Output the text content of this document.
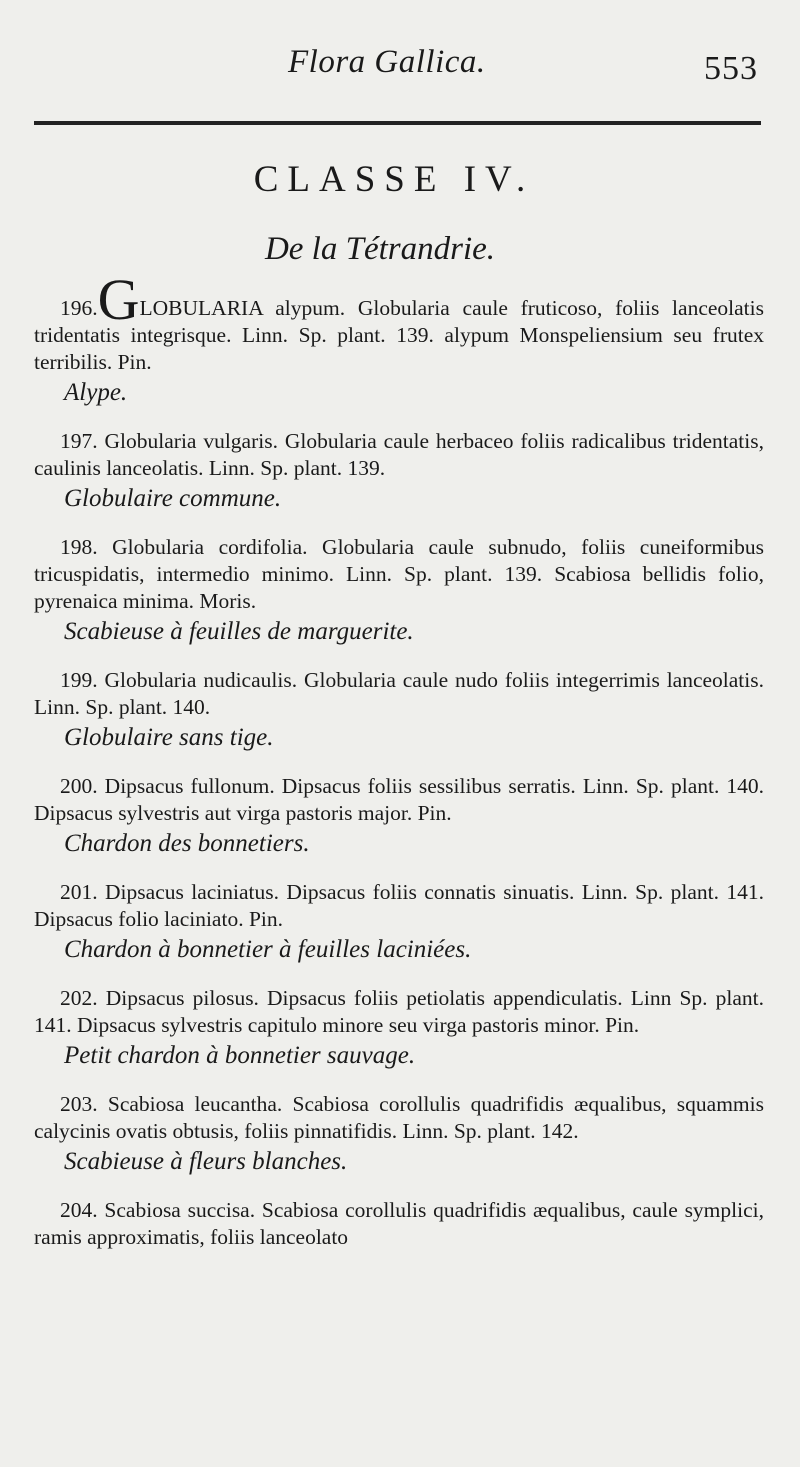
Flora Gallica.	553
CLASSE IV.
De la Tétrandrie.

196.GLOBULARIA alypum. Globularia caule fruticoso, foliis lanceolatis tridentatis integrisque. Linn. Sp. plant. 139. alypum Monspeliensium seu frutex terribilis. Pin.
Alype.

197. Globularia vulgaris. Globularia caule herbaceo foliis radicalibus tridentatis, caulinis lanceolatis. Linn. Sp. plant. 139.
Globulaire commune.

198. Globularia cordifolia. Globularia caule subnudo, foliis cuneiformibus tricuspidatis, intermedio minimo. Linn. Sp. plant. 139. Scabiosa bellidis folio, pyrenaica minima. Moris.
Scabieuse à feuilles de marguerite.

199. Globularia nudicaulis. Globularia caule nudo foliis integerrimis lanceolatis. Linn. Sp. plant. 140.
Globulaire sans tige.

200. Dipsacus fullonum. Dipsacus foliis sessilibus serratis. Linn. Sp. plant. 140. Dipsacus sylvestris aut virga pastoris major. Pin.
Chardon des bonnetiers.

201. Dipsacus laciniatus. Dipsacus foliis connatis sinuatis. Linn. Sp. plant. 141. Dipsacus folio laciniato. Pin.
Chardon à bonnetier à feuilles laciniées.

202. Dipsacus pilosus. Dipsacus foliis petiolatis appendiculatis. Linn Sp. plant. 141. Dipsacus sylvestris capitulo minore seu virga pastoris minor. Pin.
Petit chardon à bonnetier sauvage.

203. Scabiosa leucantha. Scabiosa corollulis quadrifidis æqualibus, squammis calycinis ovatis obtusis, foliis pinnatifidis. Linn. Sp. plant. 142.
Scabieuse à fleurs blanches.

204. Scabiosa succisa. Scabiosa corollulis quadrifidis æqualibus, caule symplici, ramis approximatis, foliis lanceolato
